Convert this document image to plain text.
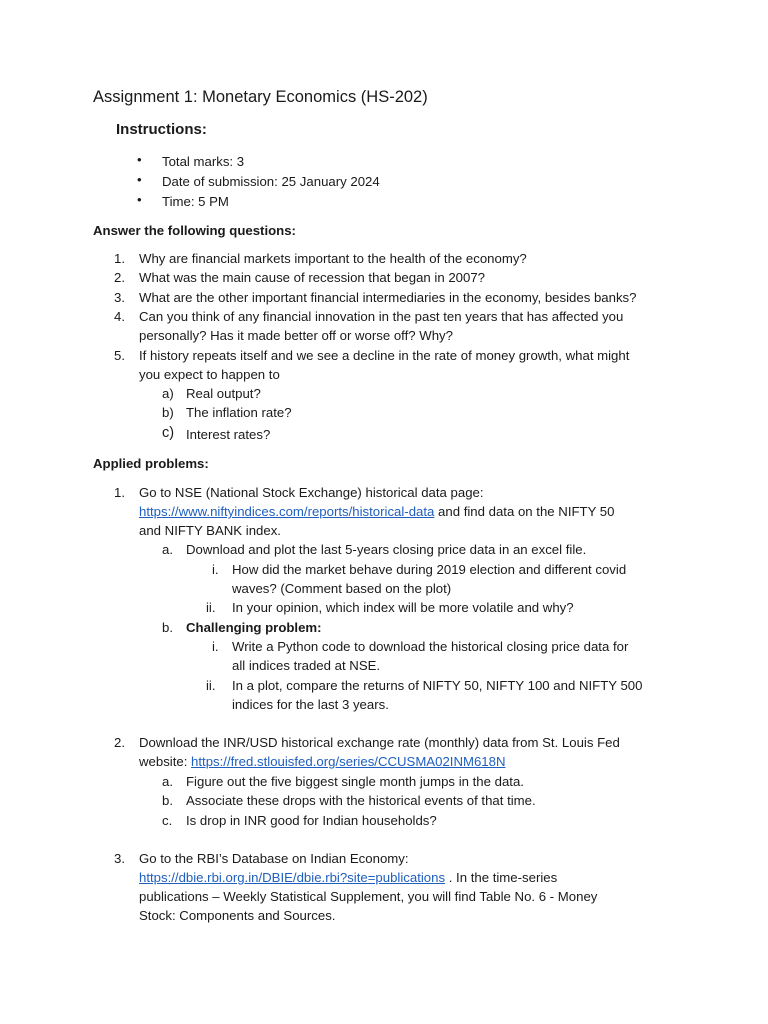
Assignment 1: Monetary Economics (HS-202)
Instructions:
• Total marks: 3
• Date of submission: 25 January 2024
• Time: 5 PM
Answer the following questions:
1. Why are financial markets important to the health of the economy?
2. What was the main cause of recession that began in 2007?
3. What are the other important financial intermediaries in the economy, besides banks?
4. Can you think of any financial innovation in the past ten years that has affected you
personally? Has it made better off or worse off? Why?
5. If history repeats itself and we see a decline in the rate of money growth, what might
you expect to happen to
a) Real output?
b) The inflation rate?
c) Interest rates?
Applied problems:
1. Go to NSE (National Stock Exchange) historical data page:
https://www.niftyindices.com/reports/historical-data and find data on the NIFTY 50
and NIFTY BANK index.
a. Download and plot the last 5-years closing price data in an excel file.
i. How did the market behave during 2019 election and different covid
waves? (Comment based on the plot)
ii. In your opinion, which index will be more volatile and why?
b. Challenging problem:
i. Write a Python code to download the historical closing price data for
all indices traded at NSE.
ii. In a plot, compare the returns of NIFTY 50, NIFTY 100 and NIFTY 500
indices for the last 3 years.
2. Download the INR/USD historical exchange rate (monthly) data from St. Louis Fed
website: https://fred.stlouisfed.org/series/CCUSMA02INM618N
a. Figure out the five biggest single month jumps in the data.
b. Associate these drops with the historical events of that time.
c. Is drop in INR good for Indian households?
3. Go to the RBI’s Database on Indian Economy:
https://dbie.rbi.org.in/DBIE/dbie.rbi?site=publications . In the time-series
publications – Weekly Statistical Supplement, you will find Table No. 6 - Money
Stock: Components and Sources.
